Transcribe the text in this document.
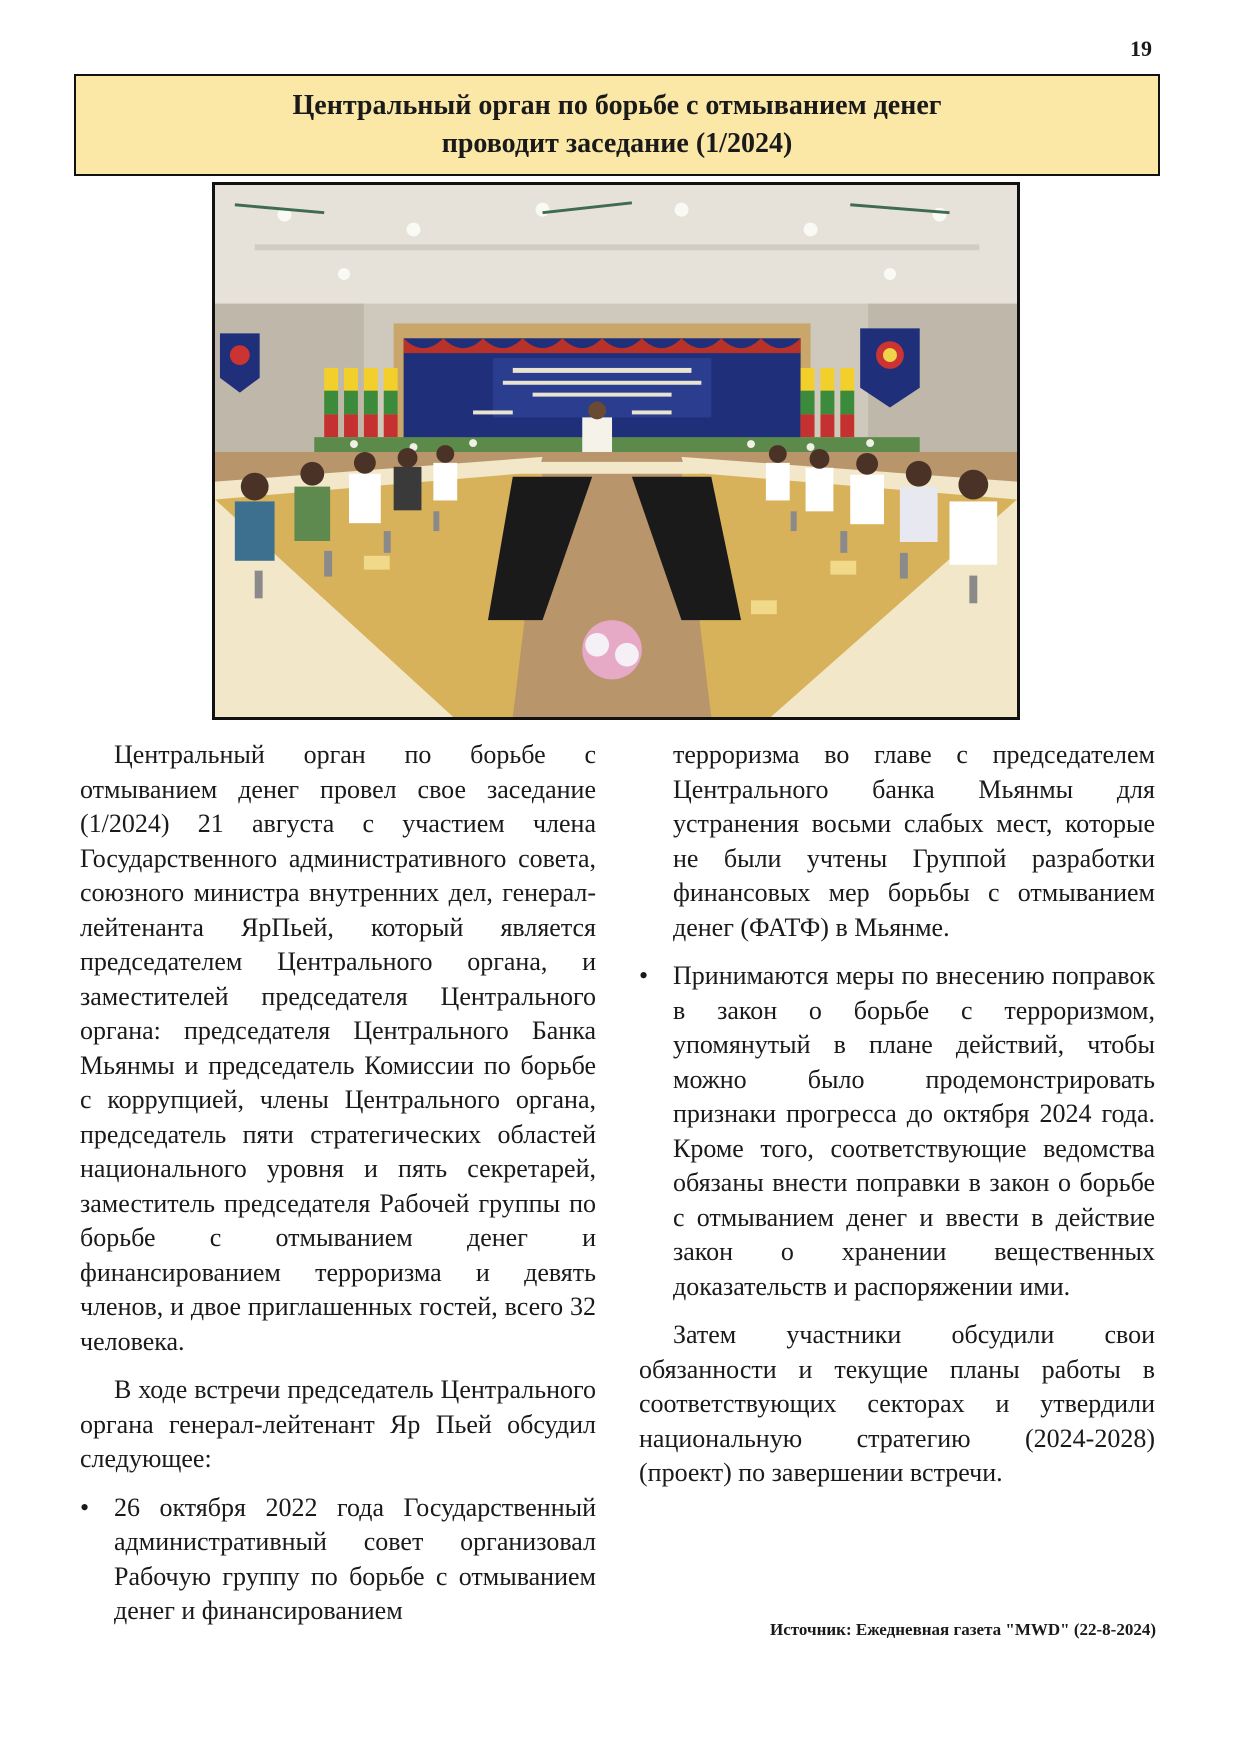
19
Центральный орган по борьбе с отмыванием денег
проводит заседание (1/2024)

Центральный орган по борьбе с отмыванием денег провел свое заседание (1/2024) 21 августа с участием члена Государственного административного совета, союзного министра внутренних дел, генерал-лейтенанта ЯрПьей, который является председателем Центрального органа, и заместителей председателя Центрального органа: председателя Центрального Банка Мьянмы и председатель Комиссии по борьбе с коррупцией, члены Центрального органа, председатель пяти стратегических областей национального уровня и пять секретарей, заместитель председателя Рабочей группы по борьбе с отмыванием денег и финансированием терроризма и девять членов, и двое приглашенных гостей, всего 32 человека.

В ходе встречи председатель Центрального органа генерал-лейтенант Яр Пьей обсудил следующее:

• 26 октября 2022 года Государственный административный совет организовал Рабочую группу по борьбе с отмыванием денег и финансированием
терроризма во главе с председателем Центрального банка Мьянмы для устранения восьми слабых мест, которые не были учтены Группой разработки финансовых мер борьбы с отмыванием денег (ФАТФ) в Мьянме.
• Принимаются меры по внесению поправок в закон о борьбе с терроризмом, упомянутый в плане действий, чтобы можно было продемонстрировать признаки прогресса до октября 2024 года. Кроме того, соответствующие ведомства обязаны внести поправки в закон о борьбе с отмыванием денег и ввести в действие закон о хранении вещественных доказательств и распоряжении ими.

Затем участники обсудили свои обязанности и текущие планы работы в соответствующих секторах и утвердили национальную стратегию (2024-2028) (проект) по завершении встречи.

Источник: Ежедневная газета "MWD" (22-8-2024)
